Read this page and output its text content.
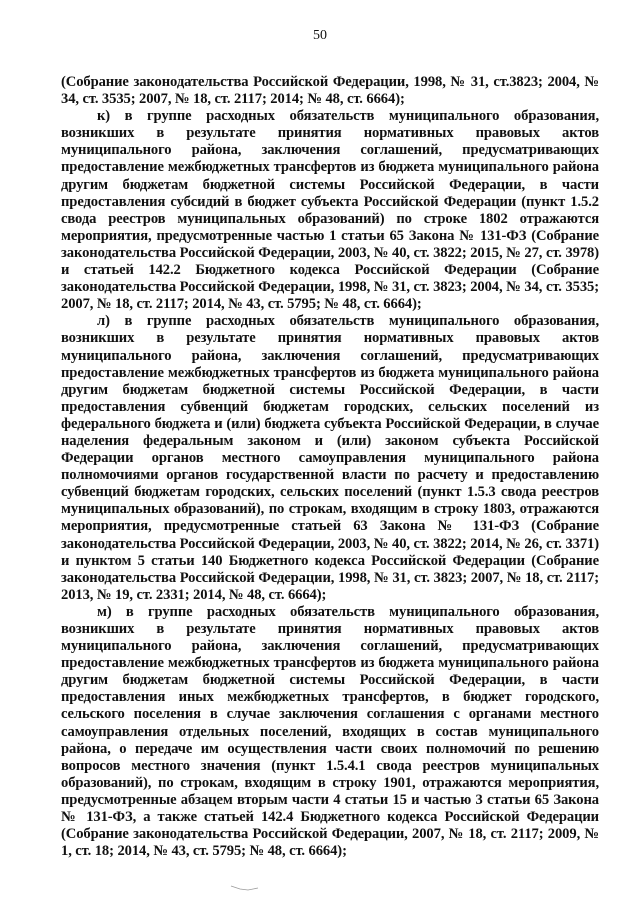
50

(Собрание законодательства Российской Федерации, 1998, № 31, ст.3823; 2004, № 34, ст. 3535; 2007, № 18, ст. 2117; 2014; № 48, ст. 6664);

к) в группе расходных обязательств муниципального образования, возникших в результате принятия нормативных правовых актов муниципального района, заключения соглашений, предусматривающих предоставление межбюджетных трансфертов из бюджета муниципального района другим бюджетам бюджетной системы Российской Федерации, в части предоставления субсидий в бюджет субъекта Российской Федерации (пункт 1.5.2 свода реестров муниципальных образований) по строке 1802 отражаются мероприятия, предусмотренные частью 1 статьи 65 Закона № 131-ФЗ (Собрание законодательства Российской Федерации, 2003, № 40, ст. 3822; 2015, № 27, ст. 3978) и статьей 142.2 Бюджетного кодекса Российской Федерации (Собрание законодательства Российской Федерации, 1998, № 31, ст. 3823; 2004, № 34, ст. 3535; 2007, № 18, ст. 2117; 2014, № 43, ст. 5795; № 48, ст. 6664);

л) в группе расходных обязательств муниципального образования, возникших в результате принятия нормативных правовых актов муниципального района, заключения соглашений, предусматривающих предоставление межбюджетных трансфертов из бюджета муниципального района другим бюджетам бюджетной системы Российской Федерации, в части предоставления субвенций бюджетам городских, сельских поселений из федерального бюджета и (или) бюджета субъекта Российской Федерации, в случае наделения федеральным законом и (или) законом субъекта Российской Федерации органов местного самоуправления муниципального района полномочиями органов государственной власти по расчету и предоставлению субвенций бюджетам городских, сельских поселений (пункт 1.5.3 свода реестров муниципальных образований), по строкам, входящим в строку 1803, отражаются мероприятия, предусмотренные статьей 63 Закона № 131-ФЗ (Собрание законодательства Российской Федерации, 2003, № 40, ст. 3822; 2014, № 26, ст. 3371) и пунктом 5 статьи 140 Бюджетного кодекса Российской Федерации (Собрание законодательства Российской Федерации, 1998, № 31, ст. 3823; 2007, № 18, ст. 2117; 2013, № 19, ст. 2331; 2014, № 48, ст. 6664);

м) в группе расходных обязательств муниципального образования, возникших в результате принятия нормативных правовых актов муниципального района, заключения соглашений, предусматривающих предоставление межбюджетных трансфертов из бюджета муниципального района другим бюджетам бюджетной системы Российской Федерации, в части предоставления иных межбюджетных трансфертов, в бюджет городского, сельского поселения в случае заключения соглашения с органами местного самоуправления отдельных поселений, входящих в состав муниципального района, о передаче им осуществления части своих полномочий по решению вопросов местного значения (пункт 1.5.4.1 свода реестров муниципальных образований), по строкам, входящим в строку 1901, отражаются мероприятия, предусмотренные абзацем вторым части 4 статьи 15 и частью 3 статьи 65 Закона № 131-ФЗ, а также статьей 142.4 Бюджетного кодекса Российской Федерации (Собрание законодательства Российской Федерации, 2007, № 18, ст. 2117; 2009, № 1, ст. 18; 2014, № 43, ст. 5795; № 48, ст. 6664);
